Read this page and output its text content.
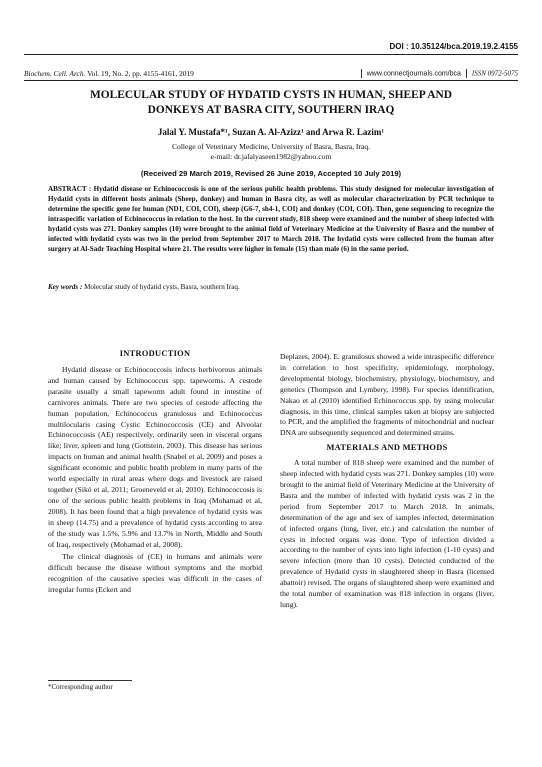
DOI : 10.35124/bca.2019.19.2.4155
Biochem. Cell. Arch. Vol. 19, No. 2, pp. 4155-4161, 2019	www.connectjournals.com/bca ISSN 0972-5075
MOLECULAR STUDY OF HYDATID CYSTS IN HUMAN, SHEEP AND
DONKEYS AT BASRA CITY, SOUTHERN IRAQ
Jalal Y. Mustafa*¹, Suzan A. Al-Azizz¹ and Arwa R. Lazim¹
College of Veterinary Medicine, University of Basra, Basra, Iraq.
e-mail: dr.jalalyaseen1982@yahoo.com
(Received 29 March 2019, Revised 26 June 2019, Accepted 10 July 2019)
ABSTRACT : Hydatid disease or Echinococcosis is one of the serious public health problems. This study designed for molecular investigation of Hydatid cysts in different hosts animals (Sheep, donkey) and human in Basra city, as well as molecular characterization by PCR technique to determine the specific gene for human (ND1, COI, COI), sheep (G6-7, sh4-1, COI) and donkey (COI, COI). Then, gene sequencing to recognize the intraspecific variation of Echinococcus in relation to the host. In the current study, 818 sheep were examined and the number of sheep infected with hydatid cysts was 271. Donkey samples (10) were brought to the animal field of Veterinary Medicine at the University of Basra and the number of infected with hydatid cysts was two in the period from September 2017 to March 2018. The hydatid cysts were collected from the human after surgery at Al-Sadr Teaching Hospital where 21. The results were higher in female (15) than male (6) in the same period.
Key words : Molecular study of hydatid cysts, Basra, southern Iraq.
INTRODUCTION

Hydatid disease or Echinococcosis infects herbivorous animals and human caused by Echinococcus spp. tapeworms. A cestode parasite usually a small tapeworm adult found in intestine of carnivores animals. There are two species of cestode affecting the human population, Echinococcus granulosus and Echinococcus multilocularis casing Cystic Echinococcosis (CE) and Alveolar Echinococcosis (AE) respectively, ordinarily seen in visceral organs like; liver, spleen and lung (Gottstein, 2003). This disease has serious impacts on human and animal health (Snabel et al, 2009) and poses a significant economic and public health problem in many parts of the world especially in rural areas where dogs and livestock are raised together (Sikó et al, 2011; Groeneveld et al, 2010). Echinococcosis is one of the serious public health problems in Iraq (Mohamad et al, 2008). It has been found that a high prevalence of hydatid cysts was in sheep (14.75) and a prevalence of hydatid cysts according to area of the study was 1.5%, 5.9% and 13.7% in North, Middle and South of Iraq, respectively (Mohamad et al, 2008).

The clinical diagnosis of (CE) in humans and animals were difficult because the disease without symptoms and the morbid recognition of the causative species was difficult in the cases of irregular forms (Eckert and

Deplazes, 2004). E. granulosus showed a wide intraspecific difference in correlation to host specificity, epidemiology, morphology, developmental biology, biochemistry, physiology, biochemistry, and genetics (Thompson and Lymbery, 1998). For species identification, Nakao et al (2010) identified Echinococcus spp. by using molecular diagnosis, in this time, clinical samples taken at biopsy are subjected to PCR, and the amplified the fragments of mitochondrial and nuclear DNA are subsequently sequenced and determined strains.

MATERIALS AND METHODS

A total number of 818 sheep were examined and the number of sheep infected with hydatid cysts was 271. Donkey samples (10) were brought to the animal field of Veterinary Medicine at the University of Basra and the number of infected with hydatid cysts was 2 in the period from September 2017 to March 2018. In animals, determination of the age and sex of samples infected, determination of infected organs (lung, liver, etc.) and calculation the number of cysts in infected organs was done. Type of infection divided a according to the number of cysts into light infection (1-10 cysts) and severe infection (more than 10 cysts). Detected conducted of the prevalence of Hydatid cysts in slaughtered sheep in Basra (licensed abattoir) revised. The organs of slaughtered sheep were examined and the total number of examination was 818 infection in organs (liver, lung).

*Corresponding author
